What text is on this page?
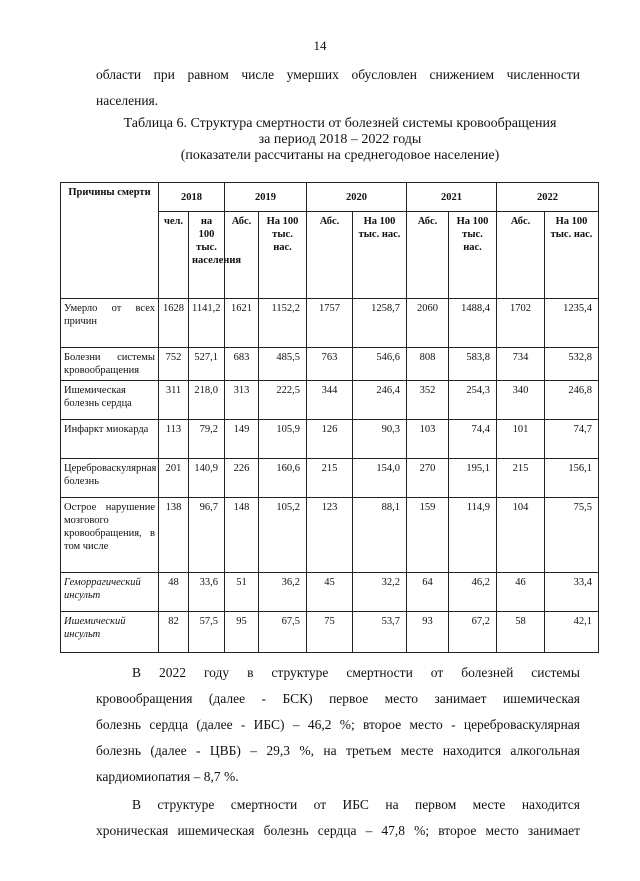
14
области при равном числе умерших обусловлен снижением численности
населения.
Таблица 6. Структура смертности от болезней системы кровообращения
за период 2018 – 2022 годы
(показатели рассчитаны на среднегодовое население)
Причины смерти	2018		2019		2020		2021		2022	
	чел.	на 100 тыс. населения	Абс.	На 100 тыс. нас.	Абс.	На 100 тыс. нас.	Абс.	На 100 тыс. нас.	Абс.	На 100 тыс. нас.
Умерло от всех причин	1628	1141,2	1621	1152,2	1757	1258,7	2060	1488,4	1702	1235,4
Болезни системы кровообращения	752	527,1	683	485,5	763	546,6	808	583,8	734	532,8
Ишемическая болезнь сердца	311	218,0	313	222,5	344	246,4	352	254,3	340	246,8
Инфаркт миокарда	113	79,2	149	105,9	126	90,3	103	74,4	101	74,7
Цереброваскулярная болезнь	201	140,9	226	160,6	215	154,0	270	195,1	215	156,1
Острое нарушение мозгового кровообращения, в том числе	138	96,7	148	105,2	123	88,1	159	114,9	104	75,5
Геморрагический инсульт	48	33,6	51	36,2	45	32,2	64	46,2	46	33,4
Ишемический инсульт	82	57,5	95	67,5	75	53,7	93	67,2	58	42,1
В 2022 году в структуре смертности от болезней системы
кровообращения (далее - БСК) первое место занимает ишемическая
болезнь сердца (далее - ИБС) – 46,2 %; второе место - цереброваскулярная
болезнь (далее - ЦВБ) – 29,3 %, на третьем месте находится алкогольная
кардиомиопатия – 8,7 %.
В структуре смертности от ИБС на первом месте находится
хроническая ишемическая болезнь сердца – 47,8 %; второе место занимает
